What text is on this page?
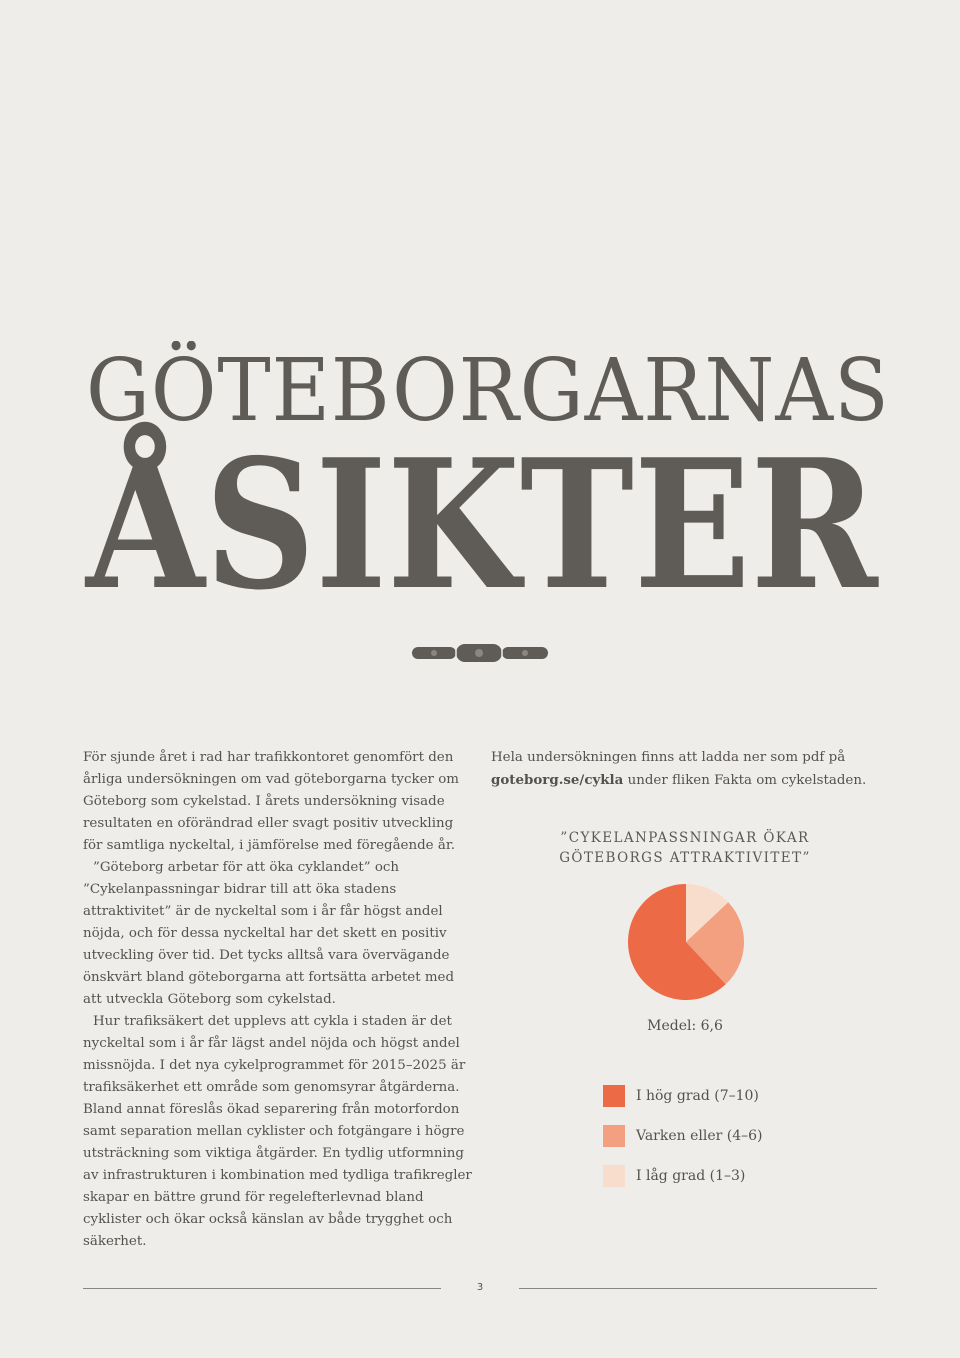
GÖTEBORGARNAS
ÅSIKTER

För sjunde året i rad har trafikkontoret genomfört den årliga undersökningen om vad göteborgarna tycker om Göteborg som cykelstad. I årets undersökning visade resultaten en oförändrad eller svagt positiv utveckling för samtliga nyckeltal, i jämförelse med föregående år.

”Göteborg arbetar för att öka cyklandet” och ”Cykelanpassningar bidrar till att öka stadens attraktivitet” är de nyckeltal som i år får högst andel nöjda, och för dessa nyckeltal har det skett en positiv utveckling över tid. Det tycks alltså vara övervägande önskvärt bland göteborgarna att fortsätta arbetet med att utveckla Göteborg som cykelstad.

Hur trafiksäkert det upplevs att cykla i staden är det nyckeltal som i år får lägst andel nöjda och högst andel missnöjda. I det nya cykelprogrammet för 2015–2025 är trafiksäkerhet ett område som genomsyrar åtgärderna. Bland annat föreslås ökad separering från motorfordon samt separation mellan cyklister och fotgängare i högre utsträckning som viktiga åtgärder. En tydlig utformning av infrastrukturen i kombination med tydliga trafikregler skapar en bättre grund för regelefterlevnad bland cyklister och ökar också känslan av både trygghet och säkerhet.

Hela undersökningen finns att ladda ner som pdf på goteborg.se/cykla under fliken Fakta om cykelstaden.
”CYKELANPASSNINGAR ÖKAR
GÖTEBORGS ATTRAKTIVITET”
Medel: 6,6
I hög grad (7–10)
Varken eller (4–6)
I låg grad (1–3)
3
